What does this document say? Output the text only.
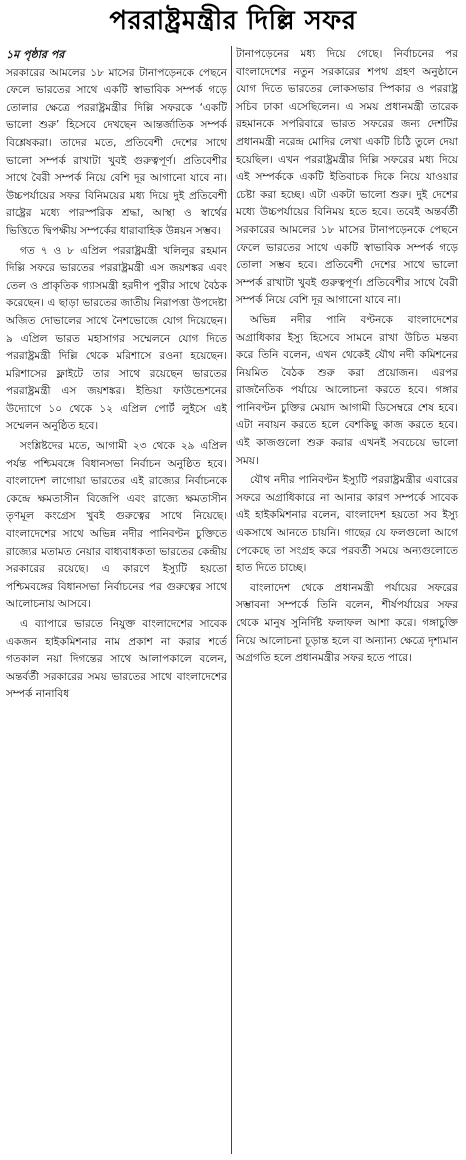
পররাষ্ট্রমন্ত্রীর দিল্লি সফর
১ম পৃষ্ঠার পর

সরকারের আমলের ১৮ মাসের টানাপড়েনকে পেছনে ফেলে ভারতের সাথে একটি স্বাভাবিক সম্পর্ক গড়ে তোলার ক্ষেত্রে পররাষ্ট্রমন্ত্রীর দিল্লি সফরকে ‘একটি ভালো শুরু’ হিসেবে দেখছেন আন্তর্জাতিক সম্পর্ক বিশ্লেষকরা। তাদের মতে, প্রতিবেশী দেশের সাথে ভালো সম্পর্ক রাখাটা খুবই গুরুত্বপূর্ণ। প্রতিবেশীর সাথে বৈরী সম্পর্ক নিয়ে বেশি দূর আগানো যাবে না। উচ্চপর্যায়ের সফর বিনিময়ের মধ্য দিয়ে দুই প্রতিবেশী রাষ্ট্রের মধ্যে পারস্পরিক শ্রদ্ধা, আস্থা ও স্বার্থের ভিত্তিতে দ্বিপক্ষীয় সম্পর্কের ধারাবাহিক উন্নয়ন সম্ভব।

গত ৭ ও ৮ এপ্রিল পররাষ্ট্রমন্ত্রী খলিলুর রহমান দিল্লি সফরে ভারতের পররাষ্ট্রমন্ত্রী এস জয়শঙ্কর এবং তেল ও প্রাকৃতিক গ্যাসমন্ত্রী হরদীপ পুরীর সাথে বৈঠক করেছেন। এ ছাড়া ভারতের জাতীয় নিরাপত্তা উপদেষ্টা অজিত দোভালের সাথে নৈশভোজে যোগ দিয়েছেন। ৯ এপ্রিল ভারত মহাসাগর সম্মেলনে যোগ দিতে পররাষ্ট্রমন্ত্রী দিল্লি থেকে মরিশাসে রওনা হয়েছেন। মরিশাসের ফ্লাইটে তার সাথে রয়েছেন ভারতের পররাষ্ট্রমন্ত্রী এস জয়শঙ্কর। ইন্ডিয়া ফাউন্ডেশনের উদ্যোগে ১০ থেকে ১২ এপ্রিল পোর্ট লুইসে এই সম্মেলন অনুষ্ঠিত হবে।

সংশ্লিষ্টদের মতে, আগামী ২৩ থেকে ২৯ এপ্রিল পর্যন্ত পশ্চিমবঙ্গে বিধানসভা নির্বাচন অনুষ্ঠিত হবে। বাংলাদেশ লাগোয়া ভারতের এই রাজ্যের নির্বাচনকে কেন্দ্রে ক্ষমতাসীন বিজেপি এবং রাজ্যে ক্ষমতাসীন তৃণমূল কংগ্রেস খুবই গুরুত্বের সাথে নিয়েছে। বাংলাদেশের সাথে অভিন্ন নদীর পানিবণ্টন চুক্তিতে রাজ্যের মতামত নেয়ার বাধ্যবাধকতা ভারতের কেন্দ্রীয় সরকারের রয়েছে। এ কারণে ইস্যুটি হয়তো পশ্চিমবঙ্গের বিধানসভা নির্বাচনের পর গুরুত্বের সাথে আলোচনায় আসবে।

এ ব্যাপারে ভারতে নিযুক্ত বাংলাদেশের সাবেক একজন হাইকমিশনার নাম প্রকাশ না করার শর্তে গতকাল নয়া দিগন্তের সাথে আলাপকালে বলেন, অন্তর্বর্তী সরকারের সময় ভারতের সাথে বাংলাদেশের সম্পর্ক নানাবিধ

টানাপড়েনের মধ্য দিয়ে গেছে। নির্বাচনের পর বাংলাদেশের নতুন সরকারের শপথ গ্রহণ অনুষ্ঠানে যোগ দিতে ভারতের লোকসভার স্পিকার ও পররাষ্ট্র সচিব ঢাকা এসেছিলেন। এ সময় প্রধানমন্ত্রী তারেক রহমানকে সপরিবারে ভারত সফরের জন্য দেশটির প্রধানমন্ত্রী নরেন্দ্র মোদির লেখা একটি চিঠি তুলে দেয়া হয়েছিল। এখন পররাষ্ট্রমন্ত্রীর দিল্লি সফরের মধ্য দিয়ে এই সম্পর্ককে একটি ইতিবাচক দিকে নিয়ে যাওয়ার চেষ্টা করা হচ্ছে। এটা একটা ভালো শুরু। দুই দেশের মধ্যে উচ্চপর্যায়ের বিনিময় হতে হবে। তবেই অন্তর্বর্তী সরকারের আমলের ১৮ মাসের টানাপড়েনকে পেছনে ফেলে ভারতের সাথে একটি স্বাভাবিক সম্পর্ক গড়ে তোলা সম্ভব হবে। প্রতিবেশী দেশের সাথে ভালো সম্পর্ক রাখাটা খুবই গুরুত্বপূর্ণ। প্রতিবেশীর সাথে বৈরী সম্পর্ক নিয়ে বেশি দূর আগানো যাবে না।

অভিন্ন নদীর পানি বণ্টনকে বাংলাদেশের অগ্রাধিকার ইস্যু হিসেবে সামনে রাখা উচিত মন্তব্য করে তিনি বলেন, এখন থেকেই যৌথ নদী কমিশনের নিয়মিত বৈঠক শুরু করা প্রয়োজন। এরপর রাজনৈতিক পর্যায়ে আলোচনা করতে হবে। গঙ্গার পানিবণ্টন চুক্তির মেয়াদ আগামী ডিসেম্বরে শেষ হবে। এটা নবায়ন করতে হলে বেশকিছু কাজ করতে হবে। এই কাজগুলো শুরু করার এখনই সবচেয়ে ভালো সময়।

যৌথ নদীর পানিবণ্টন ইস্যুটি পররাষ্ট্রমন্ত্রীর এবারের সফরে অগ্রাধিকারে না আনার কারণ সম্পর্কে সাবেক এই হাইকমিশনার বলেন, বাংলাদেশ হয়তো সব ইস্যু একসাথে আনতে চায়নি। গাছের যে ফলগুলো আগে পেকেছে তা সংগ্রহ করে পরবর্তী সময়ে অন্যগুলোতে হাত দিতে চাচ্ছে।

বাংলাদেশ থেকে প্রধানমন্ত্রী পর্যায়ের সফরের সম্ভাবনা সম্পর্কে তিনি বলেন, শীর্ষপর্যায়ের সফর থেকে মানুষ সুনির্দিষ্ট ফলাফল আশা করে। গঙ্গাচুক্তি নিয়ে আলোচনা চূড়ান্ত হলে বা অন্যান্য ক্ষেত্রে দৃশ্যমান অগ্রগতি হলে প্রধানমন্ত্রীর সফর হতে পারে।
